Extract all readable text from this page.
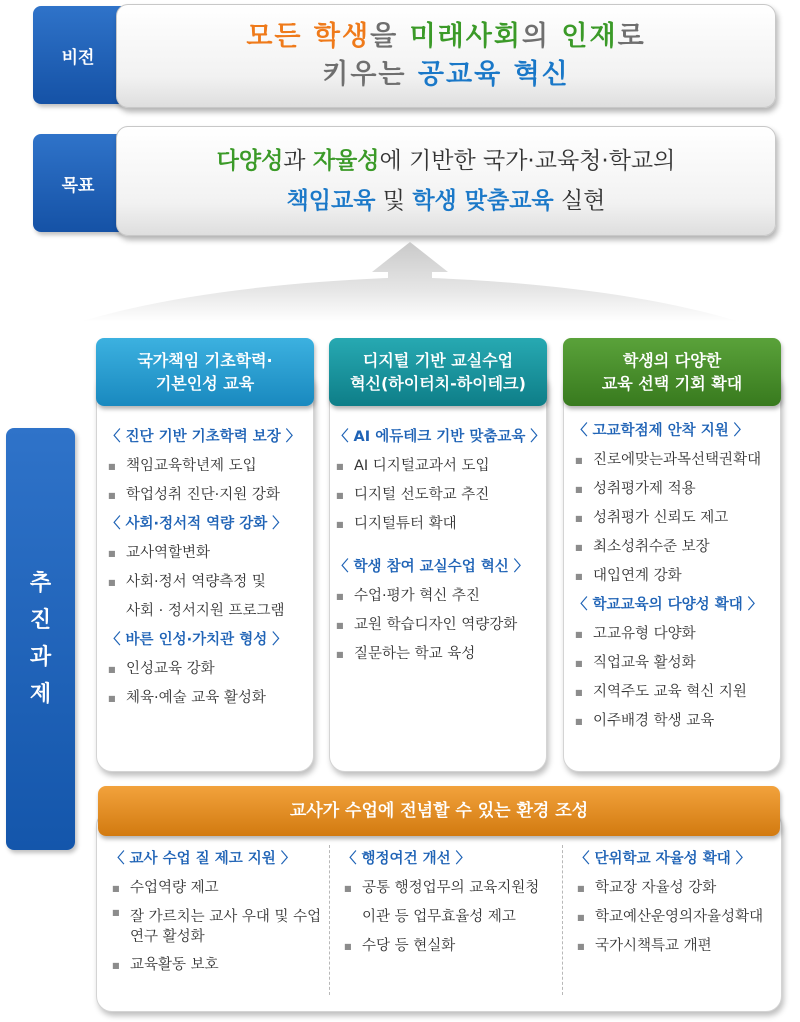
비전
모든 학생을 미래사회의 인재로
키우는 공교육 혁신
목표
다양성과 자율성에 기반한 국가·교육청·학교의
책임교육 및 학생 맞춤교육 실현
추
진
과
제
국가책임 기초학력·
기본인성 교육
〈 진단 기반 기초학력 보장 〉
■ 책임교육학년제 도입
■ 학업성취 진단·지원 강화
〈 사회·정서적 역량 강화 〉
■ 교사역할변화
■ 사회·정서 역량측정 및
사회 · 정서지원 프로그램
〈 바른 인성·가치관 형성 〉
■ 인성교육 강화
■ 체육·예술 교육 활성화
디지털 기반 교실수업
혁신(하이터치-하이테크)
〈 AI 에듀테크 기반 맞춤교육 〉
■ AI 디지털교과서 도입
■ 디지털 선도학교 추진
■ 디지털튜터 확대
〈 학생 참여 교실수업 혁신 〉
■ 수업·평가 혁신 추진
■ 교원 학습디자인 역량강화
■ 질문하는 학교 육성
학생의 다양한
교육 선택 기회 확대
〈 고교학점제 안착 지원 〉
■ 진로에맞는과목선택권확대
■ 성취평가제 적용
■ 성취평가 신뢰도 제고
■ 최소성취수준 보장
■ 대입연계 강화
〈 학교교육의 다양성 확대 〉
■ 고교유형 다양화
■ 직업교육 활성화
■ 지역주도 교육 혁신 지원
■ 이주배경 학생 교육
교사가 수업에 전념할 수 있는 환경 조성
〈 교사 수업 질 제고 지원 〉
■ 수업역량 제고
■ 잘 가르치는 교사 우대 및 수업 연구 활성화
■ 교육활동 보호
〈 행정여건 개선 〉
■ 공통 행정업무의 교육지원청
이관 등 업무효율성 제고
■ 수당 등 현실화
〈 단위학교 자율성 확대 〉
■ 학교장 자율성 강화
■ 학교예산운영의자율성확대
■ 국가시책특교 개편
